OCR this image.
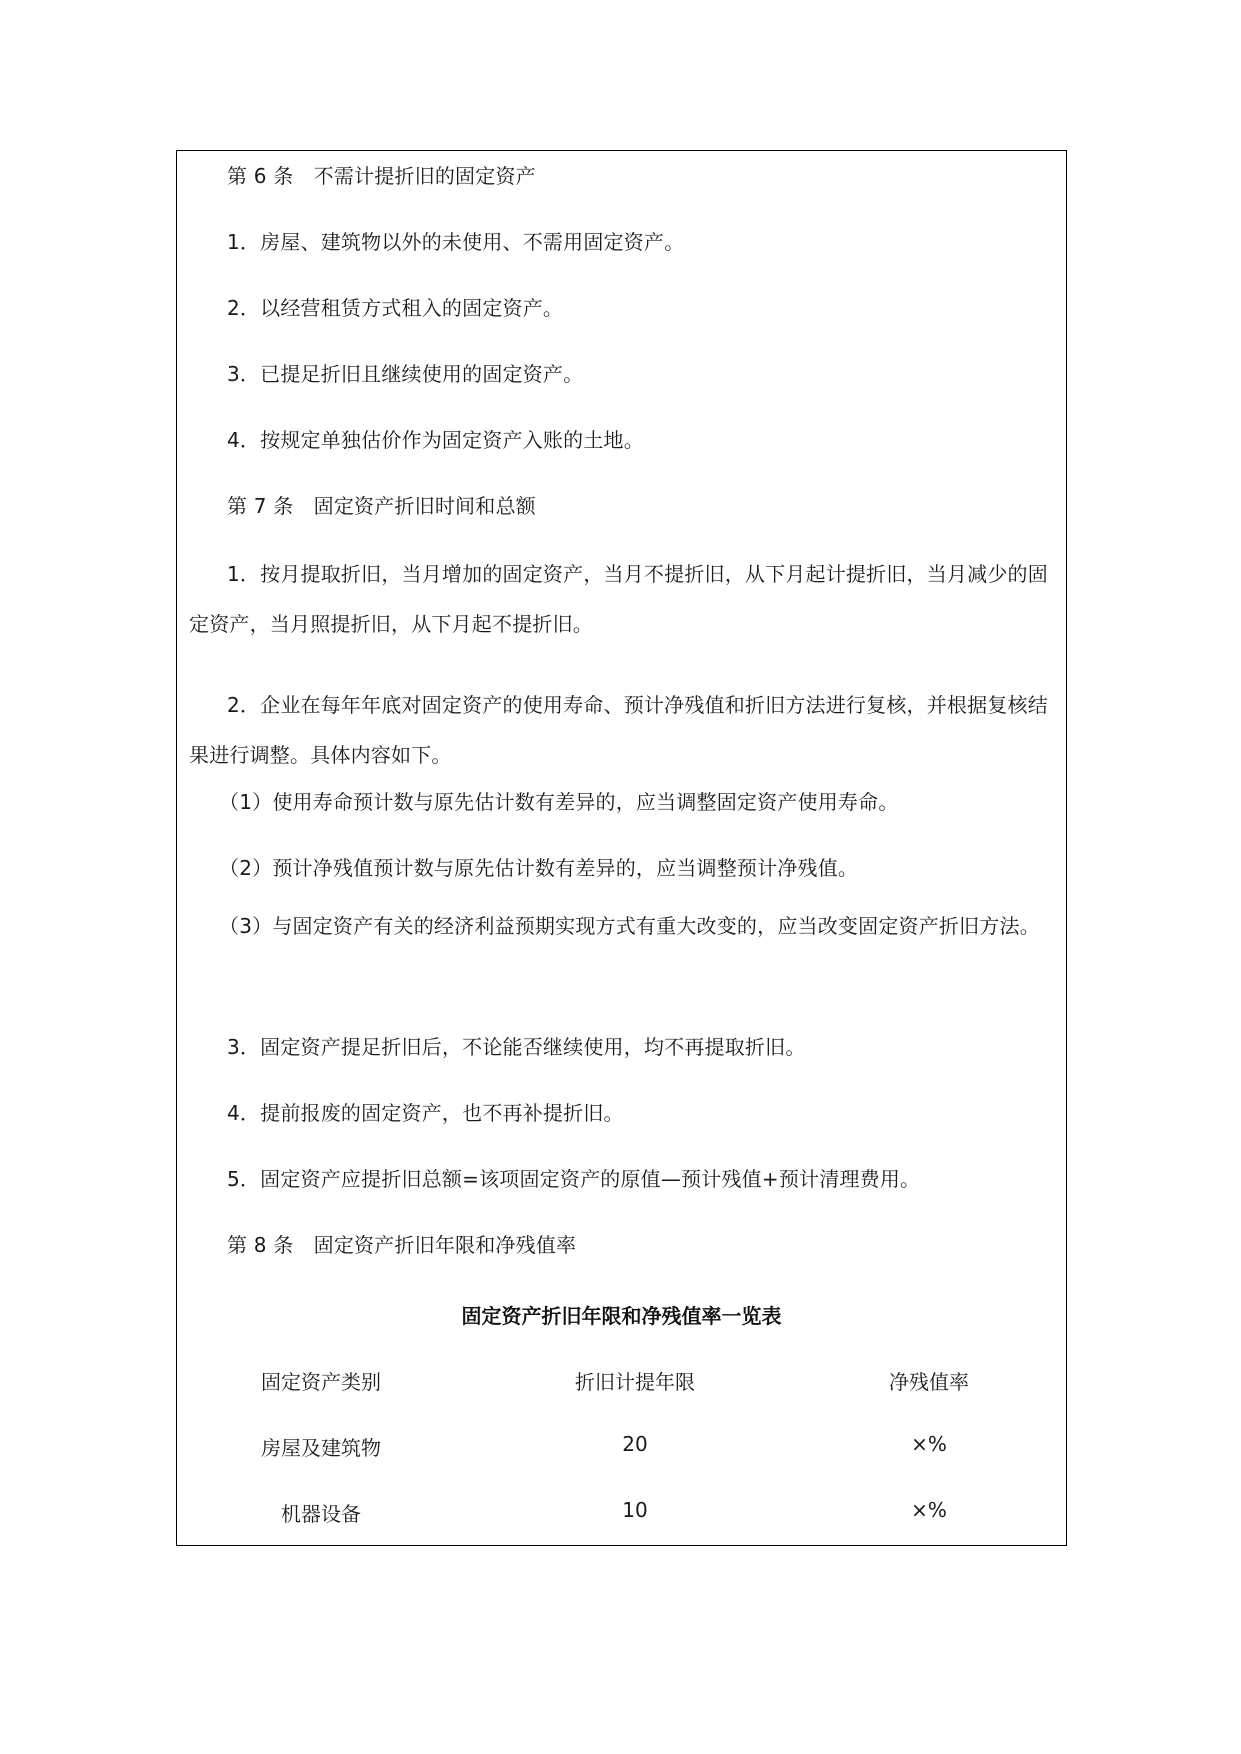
第 6 条　不需计提折旧的固定资产
1．房屋、建筑物以外的未使用、不需用固定资产。
2．以经营租赁方式租入的固定资产。
3．已提足折旧且继续使用的固定资产。
4．按规定单独估价作为固定资产入账的土地。
第 7 条　固定资产折旧时间和总额
1．按月提取折旧，当月增加的固定资产，当月不提折旧，从下月起计提折旧，当月减少的固定资产，当月照提折旧，从下月起不提折旧。
2．企业在每年年底对固定资产的使用寿命、预计净残值和折旧方法进行复核，并根据复核结果进行调整。具体内容如下。
（1）使用寿命预计数与原先估计数有差异的，应当调整固定资产使用寿命。
（2）预计净残值预计数与原先估计数有差异的，应当调整预计净残值。
（3）与固定资产有关的经济利益预期实现方式有重大改变的，应当改变固定资产折旧方法。
3．固定资产提足折旧后，不论能否继续使用，均不再提取折旧。
4．提前报废的固定资产，也不再补提折旧。
5．固定资产应提折旧总额=该项固定资产的原值—预计残值+预计清理费用。
第 8 条　固定资产折旧年限和净残值率
固定资产折旧年限和净残值率一览表
固定资产类别	折旧计提年限	净残值率
房屋及建筑物	20	×%
机器设备	10	×%
